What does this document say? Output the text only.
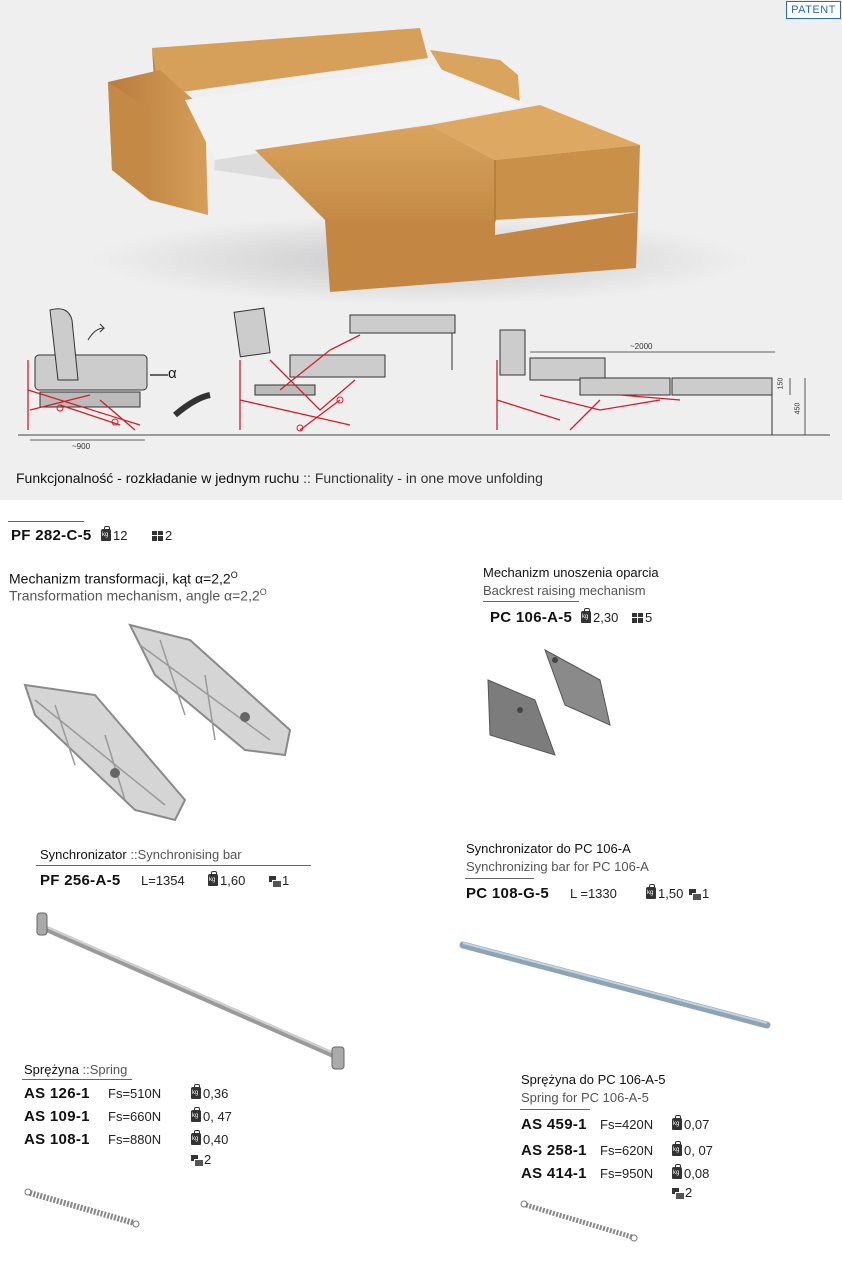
α
~900
~2000
150
450
PATENT
Funkcjonalność - rozkładanie w jednym ruchu :: Functionality - in one move unfolding
PF 282-C-5 kg	12	2
Mechanizm transformacji, kąt $\alpha=2,2^O$
Transformation mechanism, angle $\alpha=2,2^O$
Mechanizm unoszenia oparcia
Backrest raising mechanism
PC 106-A-5 kg	2,30	5
Synchronizator ::Synchronising bar
PF 256-A-5 L=1354 kg	1,60	1
Synchronizator do PC 106-A
Synchronizing bar for PC 106-A
PC 108-G-5 L =1330 kg	1,50	1
Sprężyna ::Spring
AS 126-1 Fs=510N kg	0,36
AS 109-1 Fs=660N kg	0, 47
AS 108-1 Fs=880N kg	0,40
2
Sprężyna do PC 106-A-5
Spring for PC 106-A-5
AS 459-1 Fs=420N kg	0,07
AS 258-1 Fs=620N kg	0, 07
AS 414-1 Fs=950N kg	0,08
2
